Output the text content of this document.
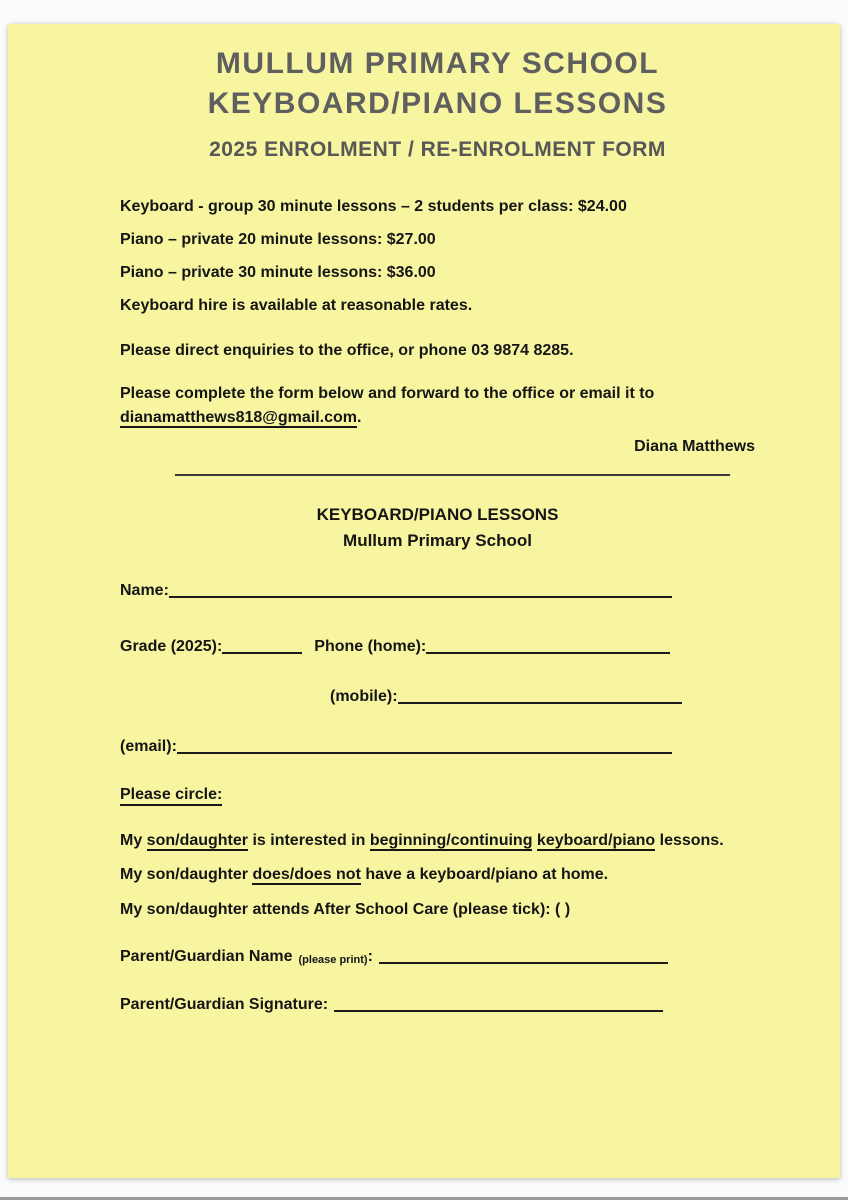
MULLUM PRIMARY SCHOOL
KEYBOARD/PIANO LESSONS
2025 ENROLMENT / RE-ENROLMENT FORM
Keyboard - group 30 minute lessons – 2 students per class: $24.00
Piano – private 20 minute lessons: $27.00
Piano – private 30 minute lessons: $36.00
Keyboard hire is available at reasonable rates.
Please direct enquiries to the office, or phone 03 9874 8285.
Please complete the form below and forward to the office or email it to
dianamatthews818@gmail.com.
Diana Matthews
KEYBOARD/PIANO LESSONS
Mullum Primary School
Name:
Grade (2025):	Phone (home):
(mobile):
(email):
Please circle:
My son/daughter is interested in beginning/continuing keyboard/piano lessons.
My son/daughter does/does not have a keyboard/piano at home.
My son/daughter attends After School Care (please tick): ( )
Parent/Guardian Name (please print) :
Parent/Guardian Signature:
